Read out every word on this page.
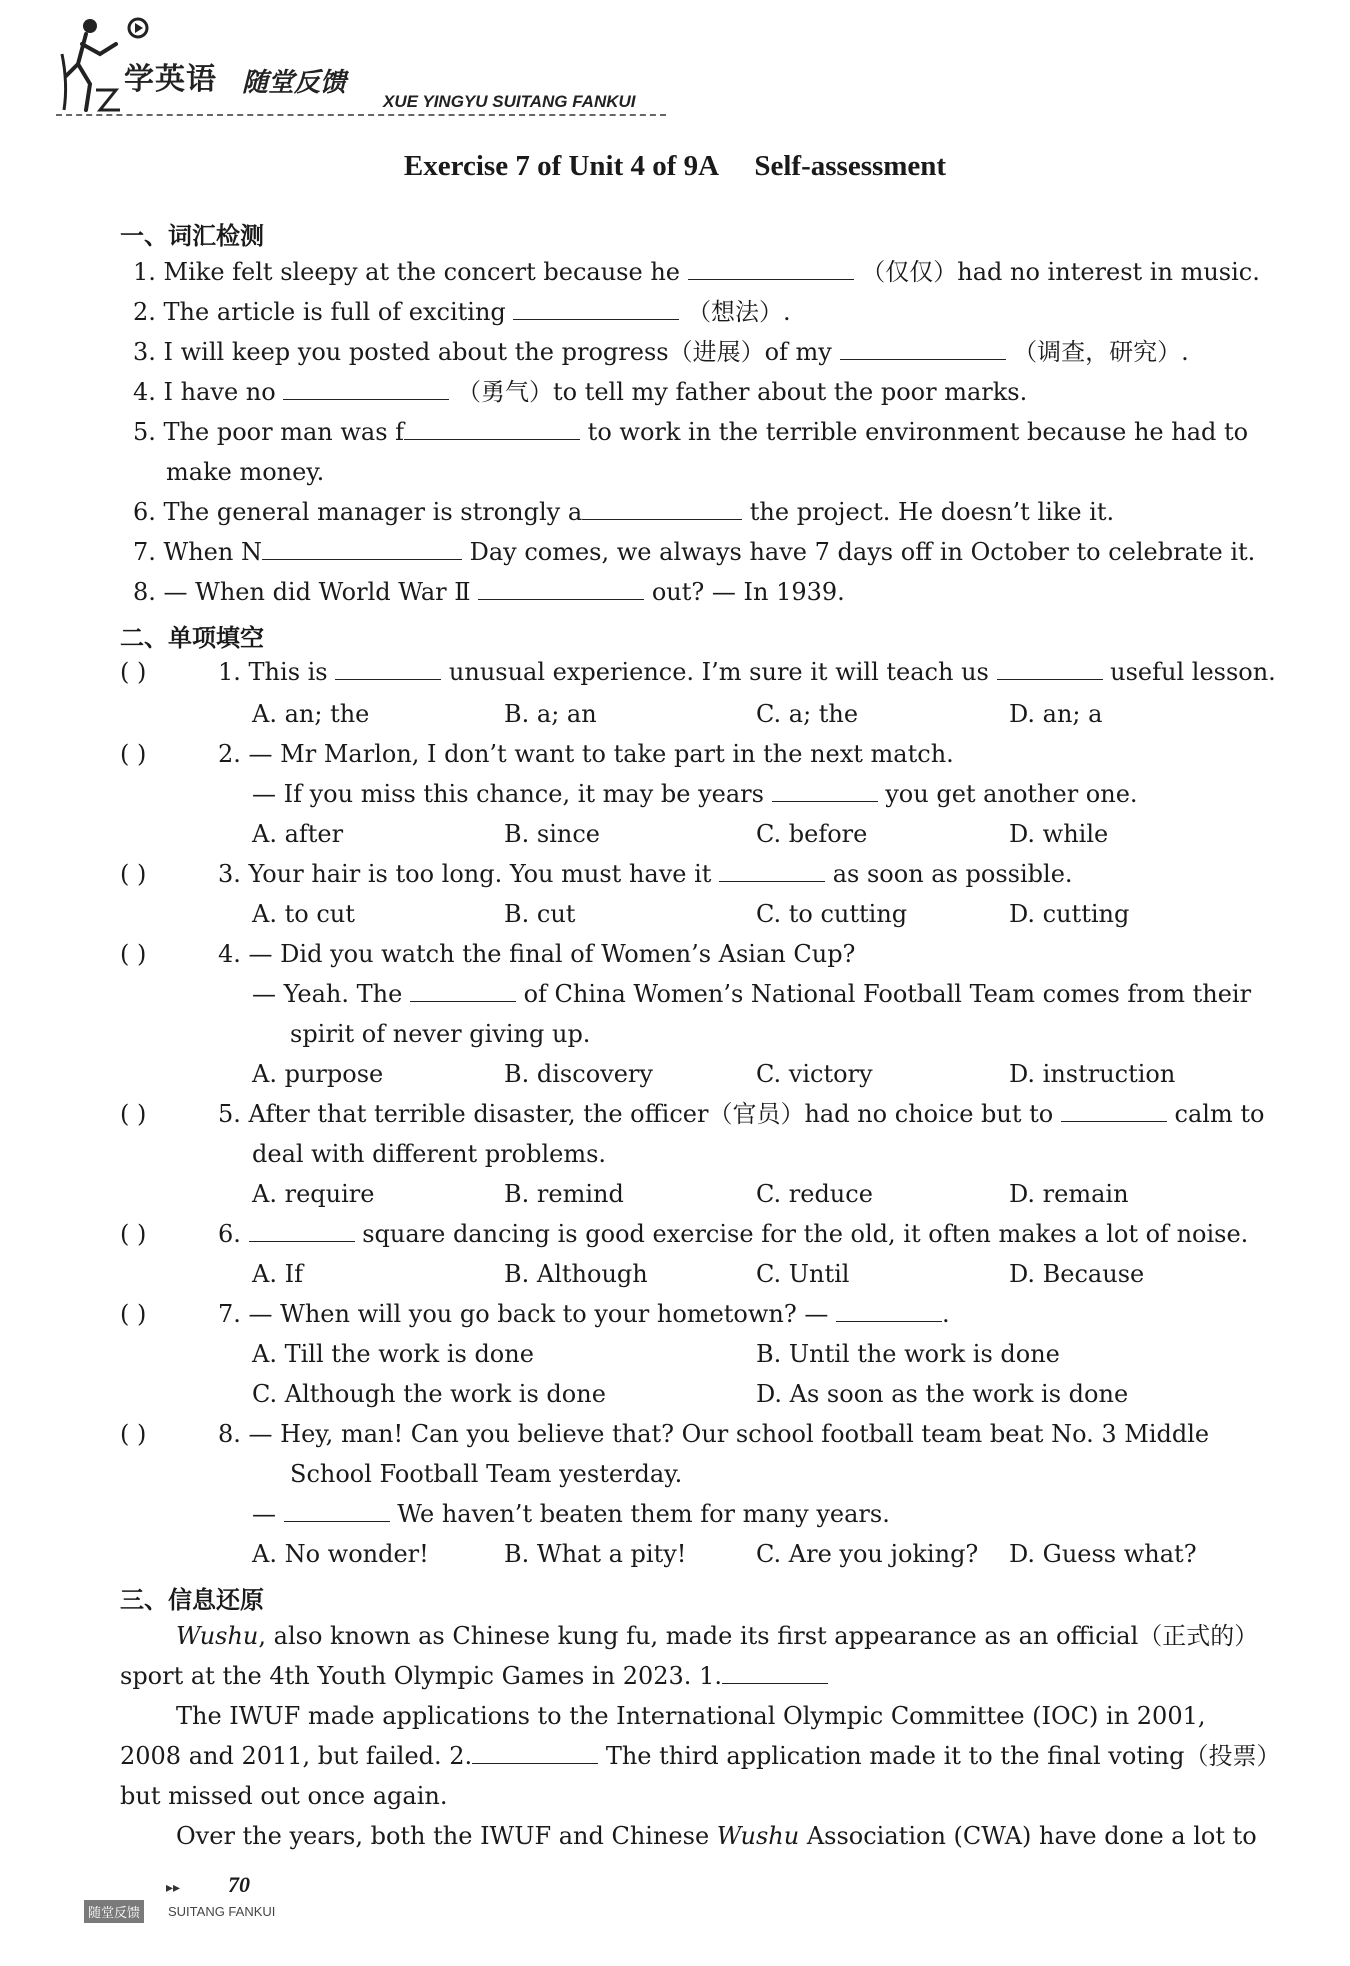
学英语 随堂反馈
XUE YINGYU SUITANG FANKUI
Exercise 7 of Unit 4 of 9A Self-assessment
一、词汇检测
1. Mike felt sleepy at the concert because he	（仅仅）had no interest in music.
2. The article is full of exciting	（想法）.
3. I will keep you posted about the progress（进展）of my	（调查，研究）.
4. I have no	（勇气）to tell my father about the poor marks.
5. The poor man was f	to work in the terrible environment because he had to
make money.
6. The general manager is strongly a	the project. He doesn’t like it.
7. When N	Day comes, we always have 7 days off in October to celebrate it.
8. — When did World War Ⅱ	out? — In 1939.
二、单项填空
( )	1. This is	unusual experience. I’m sure it will teach us	useful lesson.
A. an; the	B. a; an	C. a; the	D. an; a
( )	2. — Mr Marlon, I don’t want to take part in the next match.
— If you miss this chance, it may be years	you get another one.
A. after	B. since	C. before	D. while
( )	3. Your hair is too long. You must have it	as soon as possible.
A. to cut	B. cut	C. to cutting	D. cutting
( )	4. — Did you watch the final of Women’s Asian Cup?
— Yeah. The	of China Women’s National Football Team comes from their
spirit of never giving up.
A. purpose	B. discovery	C. victory	D. instruction
( )	5. After that terrible disaster, the officer（官员）had no choice but to	calm to
deal with different problems.
A. require	B. remind	C. reduce	D. remain
( )	6.	square dancing is good exercise for the old, it often makes a lot of noise.
A. If	B. Although	C. Until	D. Because
( )	7. — When will you go back to your hometown? —	.
A. Till the work is done	B. Until the work is done
C. Although the work is done	D. As soon as the work is done
( )	8. — Hey, man! Can you believe that? Our school football team beat No. 3 Middle
School Football Team yesterday.
—	We haven’t beaten them for many years.
A. No wonder!	B. What a pity!	C. Are you joking? D. Guess what?
三、信息还原
Wushu, also known as Chinese kung fu, made its first appearance as an official（正式的）
sport at the 4th Youth Olympic Games in 2023. 1.
The IWUF made applications to the International Olympic Committee (IOC) in 2001,
2008 and 2011, but failed. 2.	The third application made it to the final voting（投票）
but missed out once again.
Over the years, both the IWUF and Chinese Wushu Association (CWA) have done a lot to
▸▸ 70
随堂反馈	SUITANG FANKUI
